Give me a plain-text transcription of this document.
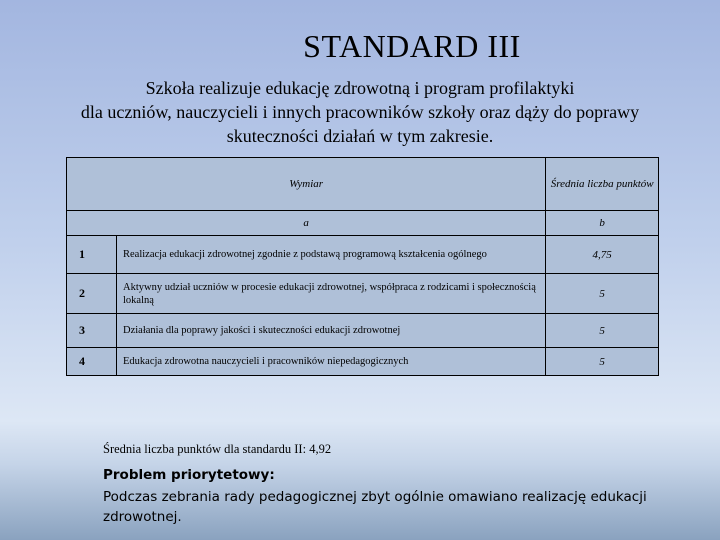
STANDARD III
Szkoła realizuje edukację zdrowotną i program profilaktyki
dla uczniów, nauczycieli i innych pracowników szkoły oraz dąży do poprawy
skuteczności działań w tym zakresie.
Wymiar		Średnia liczba punktów
a		b
1	Realizacja edukacji zdrowotnej zgodnie z podstawą programową kształcenia ogólnego	4,75
2	Aktywny udział uczniów w procesie edukacji zdrowotnej, współpraca z rodzicami i społecznością lokalną	5
3	Działania dla poprawy jakości i skuteczności edukacji zdrowotnej	5
4	Edukacja zdrowotna nauczycieli i pracowników niepedagogicznych	5
Średnia liczba punktów dla standardu II: 4,92
Problem priorytetowy:
Podczas zebrania rady pedagogicznej zbyt ogólnie omawiano realizację edukacji zdrowotnej.
